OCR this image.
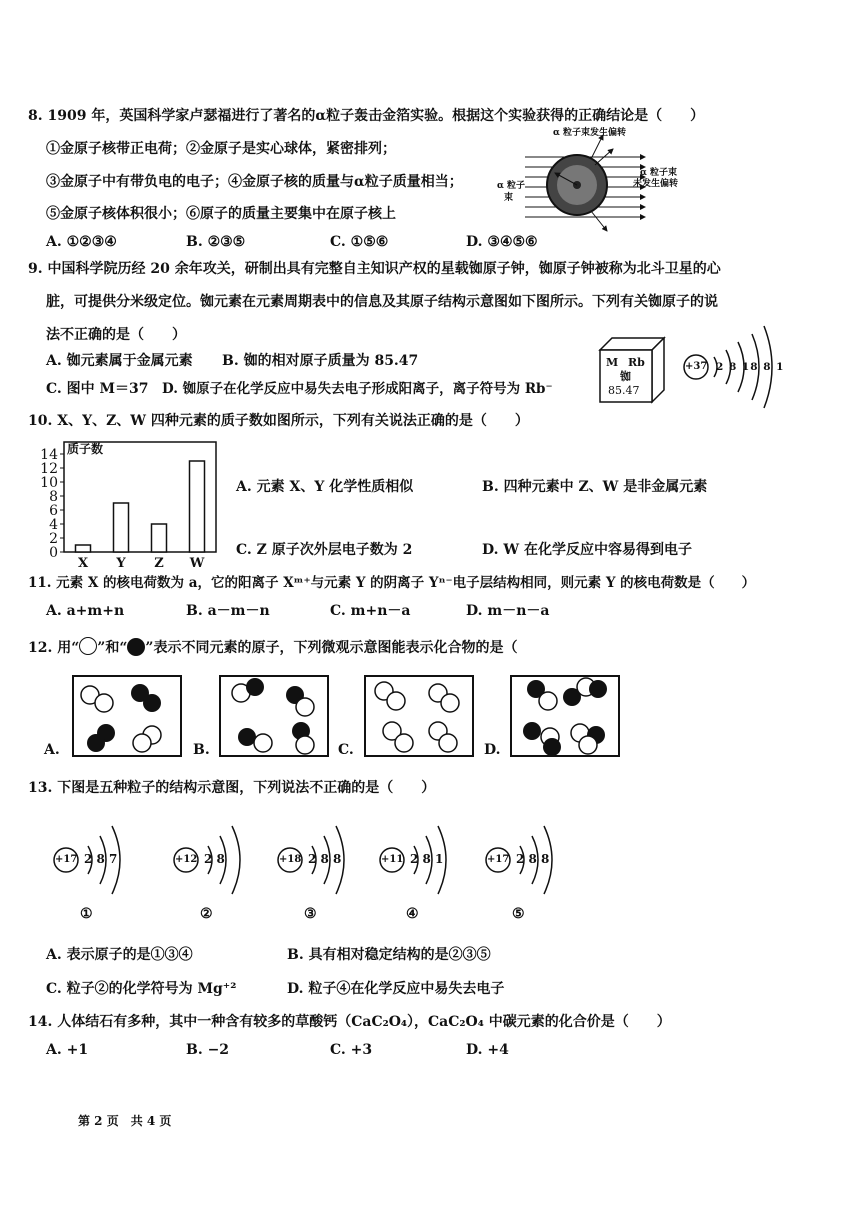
8. 1909 年，英国科学家卢瑟福进行了著名的α粒子轰击金箔实验。根据这个实验获得的正确结论是（　　）
①金原子核带正电荷；②金原子是实心球体，紧密排列；
③金原子中有带负电的电子；④金原子核的质量与α粒子质量相当；
⑤金原子核体积很小；⑥原子的质量主要集中在原子核上
A. ①②③④	B. ②③⑤	C. ①⑤⑥	D. ③④⑤⑥
α 粒子束发生偏转
α 粒子束
未发生偏转
α 粒子
束
9. 中国科学院历经 20 余年攻关，研制出具有完整自主知识产权的星载铷原子钟，铷原子钟被称为北斗卫星的心
脏，可提供分米级定位。铷元素在元素周期表中的信息及其原子结构示意图如下图所示。下列有关铷原子的说
法不正确的是（　　）
A. 铷元素属于金属元素 B. 铷的相对原子质量为 85.47
C. 图中 M＝37 D. 铷原子在化学反应中易失去电子形成阳离子，离子符号为 Rb⁻
M Rb
铷
85.47
+37 2 8 18 8 1
10. X、Y、Z、W 四种元素的质子数如图所示，下列有关说法正确的是（　　）
质子数
0
2
4
6
8
10
12
14
X Y Z W
A. 元素 X、Y 化学性质相似	B. 四种元素中 Z、W 是非金属元素
C. Z 原子次外层电子数为 2	D. W 在化学反应中容易得到电子
11. 元素 X 的核电荷数为 a，它的阳离子 Xᵐ⁺与元素 Y 的阴离子 Yⁿ⁻电子层结构相同，则元素 Y 的核电荷数是（　　）
A. a+m+n	B. a－m－n	C. m+n－a	D. m－n－a
12. 用“ ”和“ ”表示不同元素的原子，下列微观示意图能表示化合物的是（
A.	B.	C.	D.
13. 下图是五种粒子的结构示意图，下列说法不正确的是（　　）
+17 2 8 7
①
+12 2 8
②
+18 2 8 8
③
+11 2 8 1
④
+17 2 8 8
⑤
A. 表示原子的是①③④	B. 具有相对稳定结构的是②③⑤
C. 粒子②的化学符号为 Mg⁺²	D. 粒子④在化学反应中易失去电子
14. 人体结石有多种，其中一种含有较多的草酸钙（CaC₂O₄），CaC₂O₄ 中碳元素的化合价是（　　）
A. +1	B. −2	C. +3	D. +4
第 2 页　共 4 页
